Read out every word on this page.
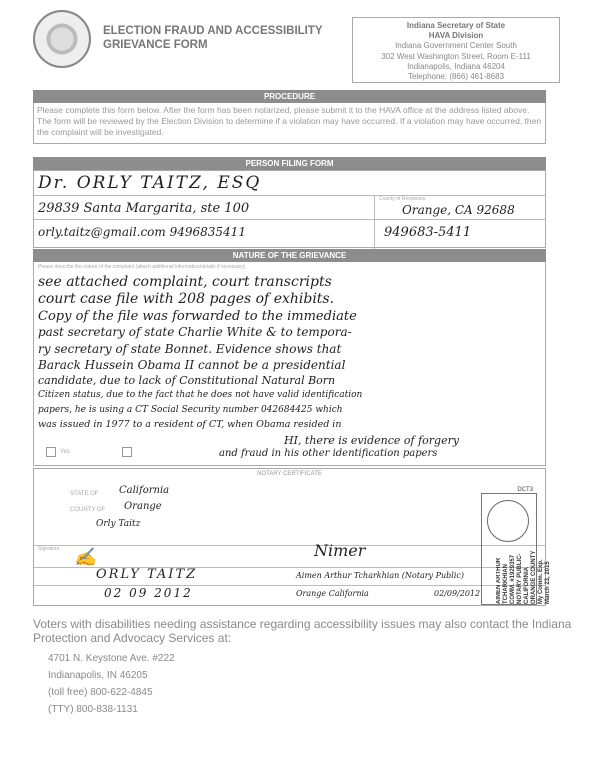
ELECTION FRAUD AND ACCESSIBILITY
GRIEVANCE FORM
Indiana Secretary of State
HAVA Division
Indiana Government Center South
302 West Washington Street, Room E-111
Indianapolis, Indiana 46204
Telephone: (866) 461-8683
PROCEDURE
Please complete this form below. After the form has been notarized, please submit it to the HAVA office at the address listed above. The form will be reviewed by the Election Division to determine if a violation may have occurred. If a violation may have occurred, then the complaint will be investigated.
PERSON FILING FORM
Dr. ORLY TAITZ, ESQ
29839 Santa Margarita, ste 100
County of Residence
Orange, CA 92688
orly.taitz@gmail.com 9496835411	949683-5411
NATURE OF THE GRIEVANCE
Please describe the nature of the complaint (attach additional information/details if necessary)
see attached complaint, court transcripts
court case file with 208 pages of exhibits.
Copy of the file was forwarded to the immediate
past secretary of state Charlie White & to tempora-
ry secretary of state Bonnet. Evidence shows that
Barack Hussein Obama II cannot be a presidential
candidate, due to lack of Constitutional Natural Born
Citizen status, due to the fact that he does not have valid identification
papers, he is using a CT Social Security number 042684425 which
was issued in 1977 to a resident of CT, when Obama resided in
HI, there is evidence of forgery
and fraud in his other identification papers
Yes
NOTARY CERTIFICATE
STATE OF California
COUNTY OF Orange
Orly Taitz
Signature ✍	Nimer
ORLY TAITZ	Aimen Arthur Tcharkhian (Notary Public)
02 09 2012	Orange California	02/09/2012
DCT3
AIMEN ARTHUR TCHARKHIAN
COMM. #1929357
NOTARY PUBLIC-CALIFORNIA
ORANGE COUNTY
My Comm. Exp. March 23, 2015
Voters with disabilities needing assistance regarding accessibility issues may also contact the Indiana Protection and Advocacy Services at:
4701 N. Keystone Ave. #222
Indianapolis, IN 46205
(toll free) 800-622-4845
(TTY) 800-838-1131
